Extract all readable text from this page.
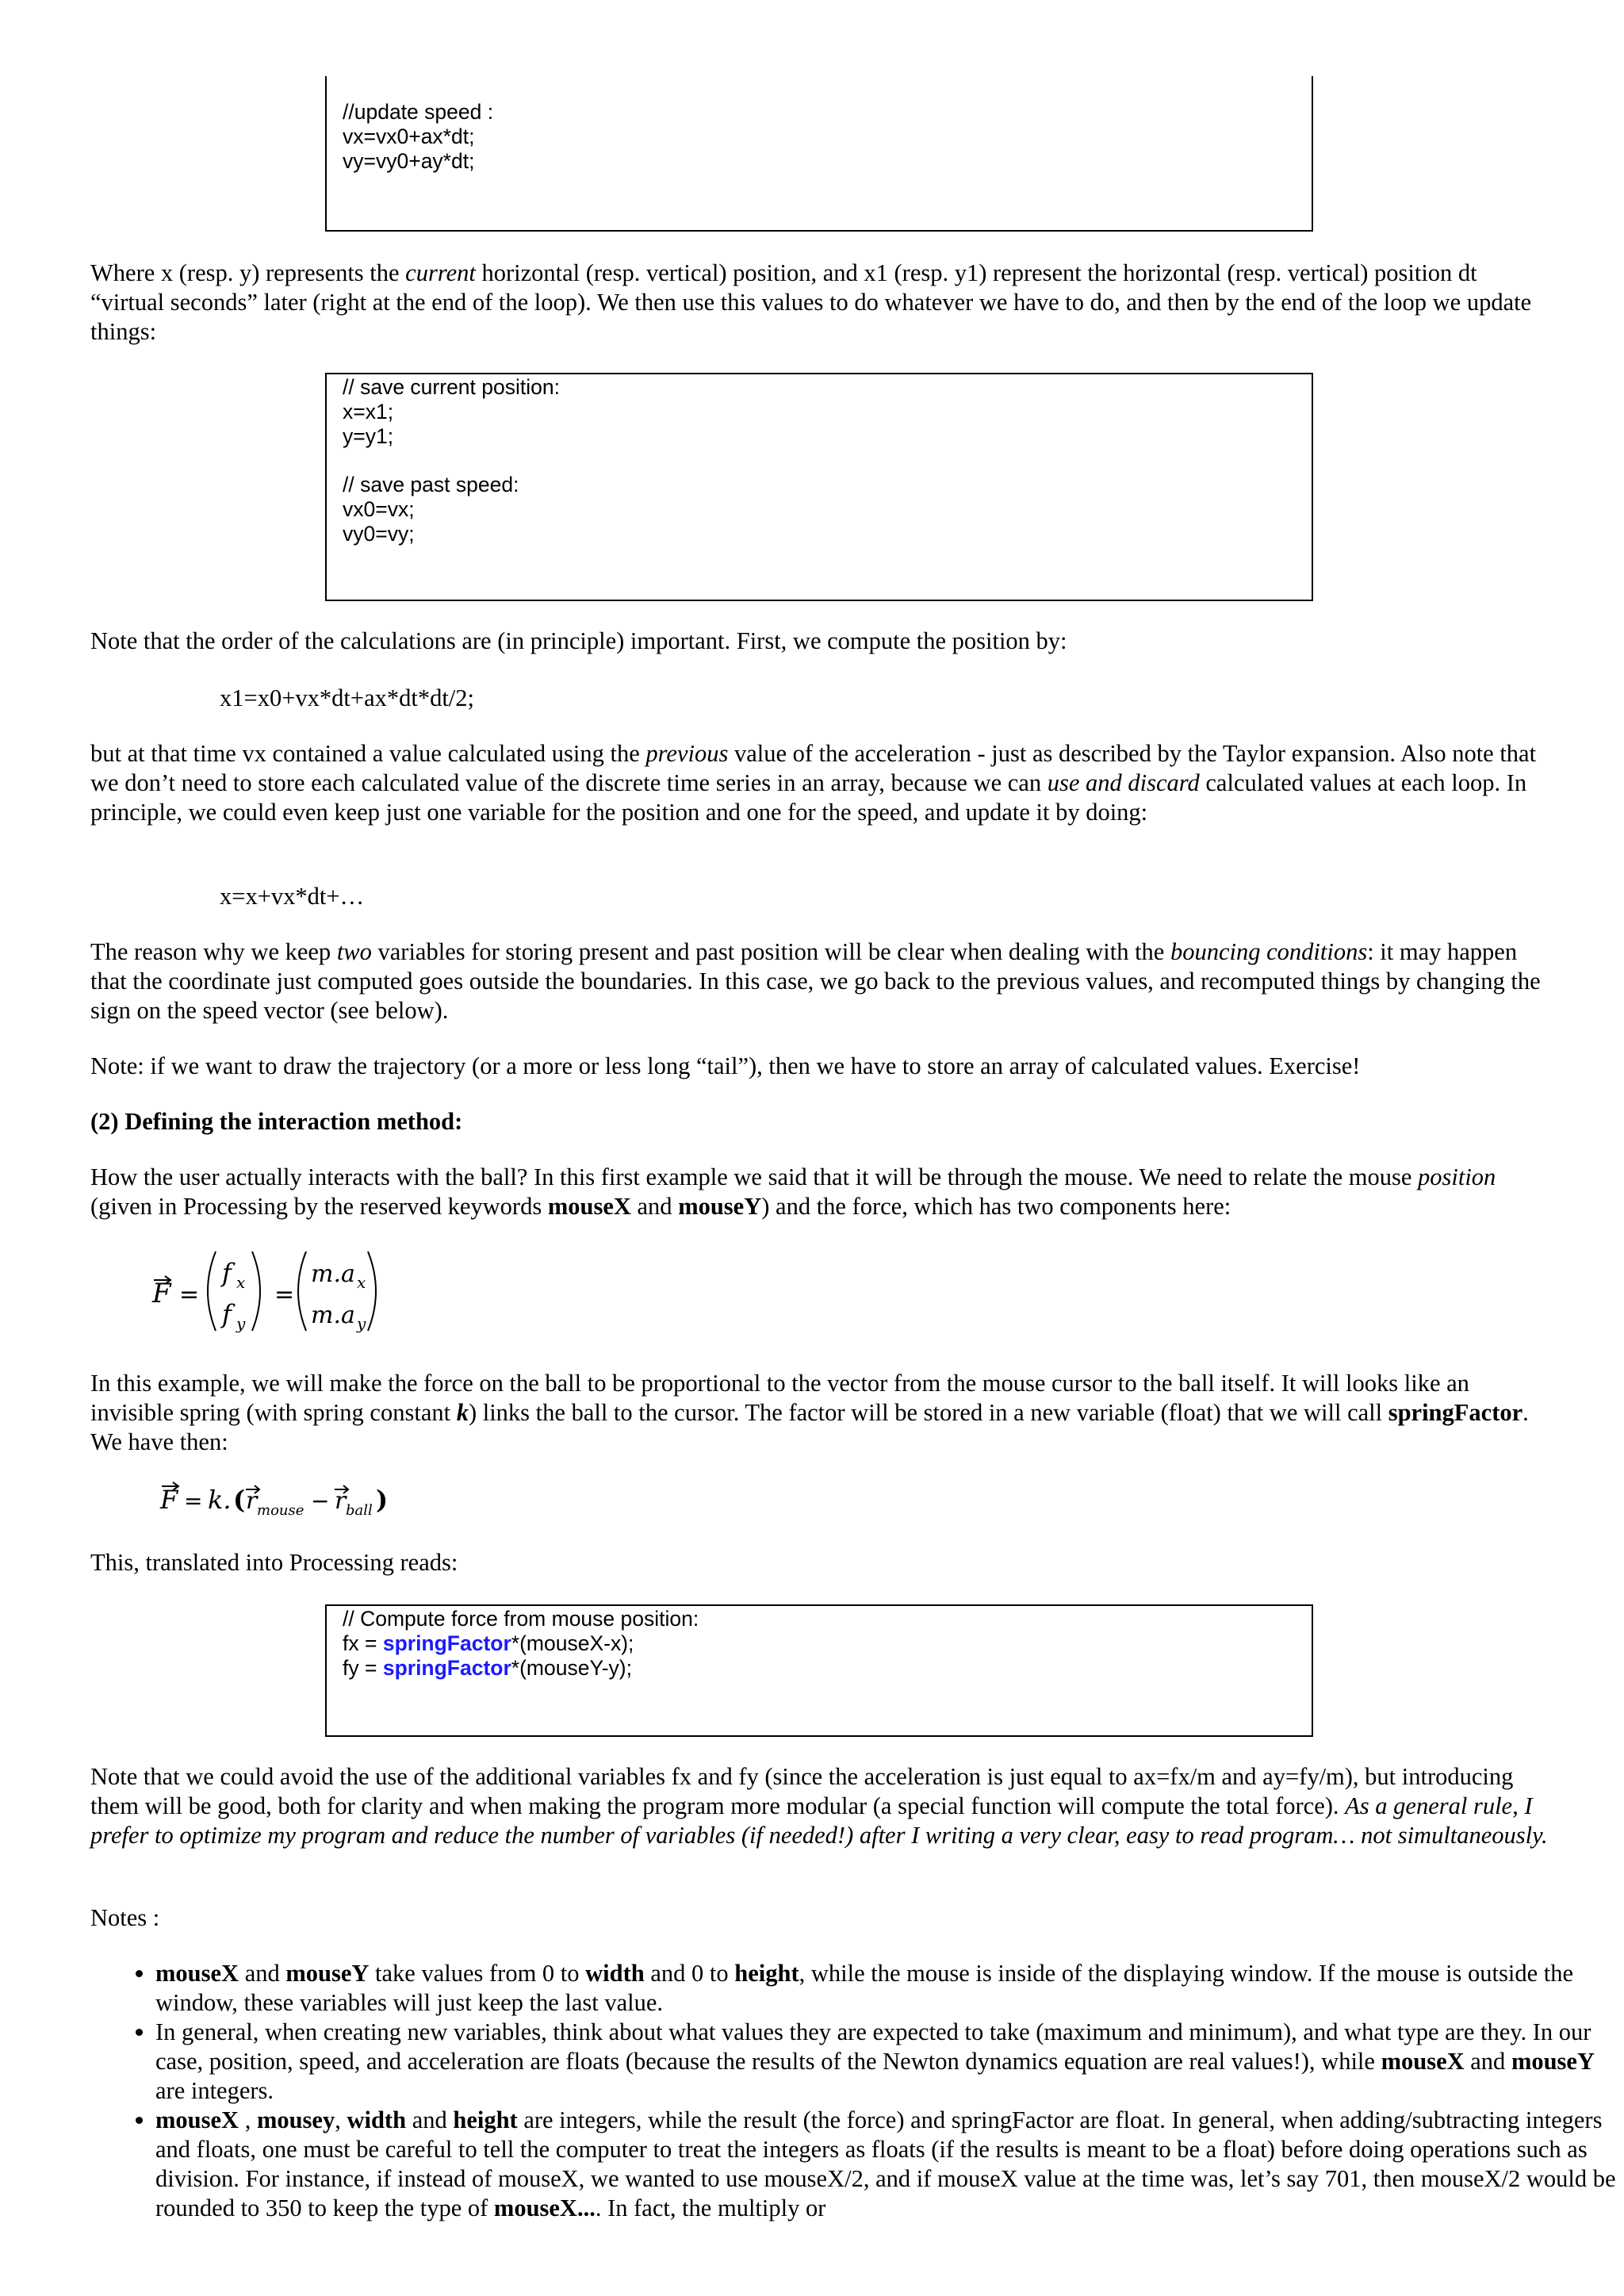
//update speed :
vx=vx0+ax*dt;
vy=vy0+ay*dt;

Where x (resp. y) represents the current horizontal (resp. vertical) position, and x1 (resp. y1) represent the horizontal (resp. vertical) position dt “virtual seconds” later (right at the end of the loop). We then use this values to do whatever we have to do, and then by the end of the loop we update things:

// save current position:
x=x1;
y=y1;
// save past speed:
vx0=vx;
vy0=vy;

Note that the order of the calculations are (in principle) important. First, we compute the position by:

x1=x0+vx*dt+ax*dt*dt/2;

but at that time vx contained a value calculated using the previous value of the acceleration - just as described by the Taylor expansion. Also note that we don’t need to store each calculated value of the discrete time series in an array, because we can use and discard calculated values at each loop. In principle, we could even keep just one variable for the position and one for the speed, and update it by doing:

x=x+vx*dt+…

The reason why we keep two variables for storing present and past position will be clear when dealing with the bouncing conditions: it may happen that the coordinate just computed goes outside the boundaries. In this case, we go back to the previous values, and recomputed things by changing the sign on the speed vector (see below).

Note: if we want to draw the trajectory (or a more or less long “tail”), then we have to store an array of calculated values. Exercise!

(2) Defining the interaction method:

How the user actually interacts with the ball? In this first example we said that it will be through the mouse. We need to relate the mouse position (given in Processing by the reserved keywords mouseX and mouseY) and the force, which has two components here:

F =
f x
f y
=
m.a x
m.a y

In this example, we will make the force on the ball to be proportional to the vector from the mouse cursor to the ball itself. It will looks like an invisible spring (with spring constant k) links the ball to the cursor. The factor will be stored in a new variable (float) that we will call springFactor. We have then:

F = k. ( r mouse − r ball )

This, translated into Processing reads:

// Compute force from mouse position:
fx = springFactor*(mouseX-x);
fy = springFactor*(mouseY-y);

Note that we could avoid the use of the additional variables fx and fy (since the acceleration is just equal to ax=fx/m and ay=fy/m), but introducing them will be good, both for clarity and when making the program more modular (a special function will compute the total force). As a general rule, I prefer to optimize my program and reduce the number of variables (if needed!) after I writing a very clear, easy to read program… not simultaneously.

Notes :

• mouseX and mouseY take values from 0 to width and 0 to height, while the mouse is inside of the displaying window. If the mouse is outside the window, these variables will just keep the last value.
• In general, when creating new variables, think about what values they are expected to take (maximum and minimum), and what type are they. In our case, position, speed, and acceleration are floats (because the results of the Newton dynamics equation are real values!), while mouseX and mouseY are integers.
• mouseX , mousey, width and height are integers, while the result (the force) and springFactor are float. In general, when adding/subtracting integers and floats, one must be careful to tell the computer to treat the integers as floats (if the results is meant to be a float) before doing operations such as division. For instance, if instead of mouseX, we wanted to use mouseX/2, and if mouseX value at the time was, let’s say 701, then mouseX/2 would be rounded to 350 to keep the type of mouseX.... In fact, the multiply or
